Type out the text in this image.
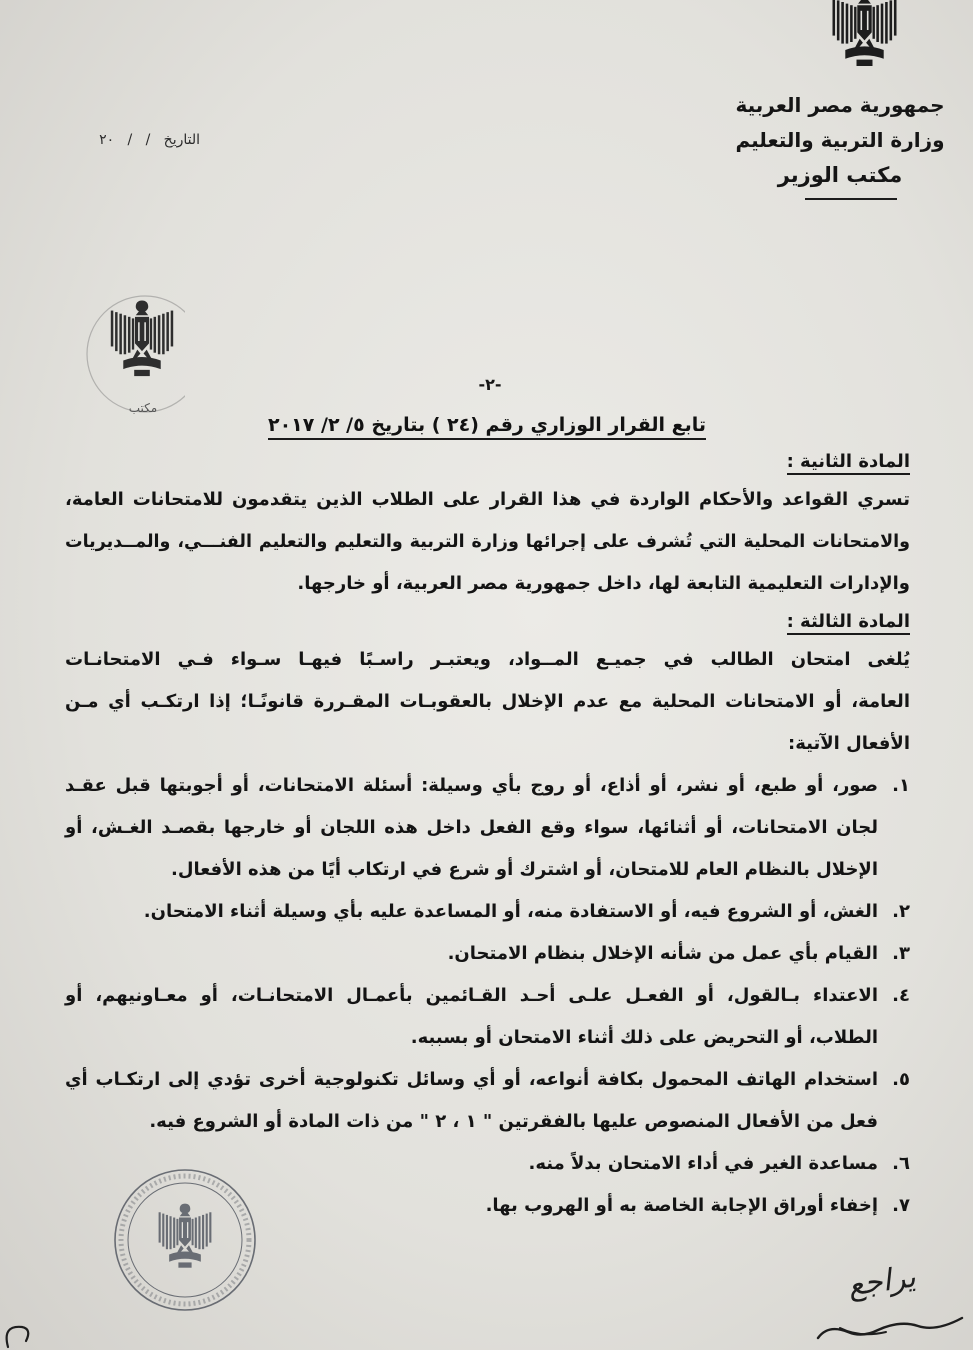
جمهورية مصر العربية
وزارة التربية والتعليم
مكتب الوزير
التاريخ   /   /   ٢٠
مكتب
-٢-
تابع القرار الوزاري رقم (٢٤ ) بتاريخ ٥/ ٢/ ٢٠١٧
المادة الثانية :
تسري القواعد والأحكام الواردة في هذا القرار على الطلاب الذين يتقدمون للامتحانات العامة،
والامتحانات المحلية التي تُشرف على إجرائها وزارة التربية والتعليم والتعليم الفنـــي، والمــديريات
والإدارات التعليمية التابعة لها، داخل جمهورية مصر العربية، أو خارجها.
المادة الثالثة :
يُلغى امتحان الطالب في جميـع المــواد، ويعتبـر راسـبًا فيهـا سـواء فـي الامتحانـات
العامة، أو الامتحانات المحلية مع عدم الإخلال بالعقوبـات المقـررة قانونًـا؛ إذا ارتكـب أي مـن
الأفعال الآتية:
١.
صور، أو طبع، أو نشر، أو أذاع، أو روج بأي وسيلة: أسئلة الامتحانات، أو أجوبتها قبل عقـد
لجان الامتحانات، أو أثنائها، سواء وقع الفعل داخل هذه اللجان أو خارجها بقصـد الغـش، أو
الإخلال بالنظام العام للامتحان، أو اشترك أو شرع في ارتكاب أيًا من هذه الأفعال.
٢.
الغش، أو الشروع فيه، أو الاستفادة منه، أو المساعدة عليه بأي وسيلة أثناء الامتحان.
٣.
القيام بأي عمل من شأنه الإخلال بنظام الامتحان.
٤.
الاعتداء بـالقول، أو الفعـل علـى أحـد القـائمين بأعمـال الامتحانـات، أو معـاونيهم، أو
الطلاب، أو التحريض على ذلك أثناء الامتحان أو بسببه.
٥.
استخدام الهاتف المحمول بكافة أنواعه، أو أي وسائل تكنولوجية أخرى تؤدي إلى ارتكـاب أي
فعل من الأفعال المنصوص عليها بالفقرتين " ١ ، ٢ " من ذات المادة أو الشروع فيه.
٦.
مساعدة الغير في أداء الامتحان بدلاً منه.
٧.
إخفاء أوراق الإجابة الخاصة به أو الهروب بها.
يراجع
